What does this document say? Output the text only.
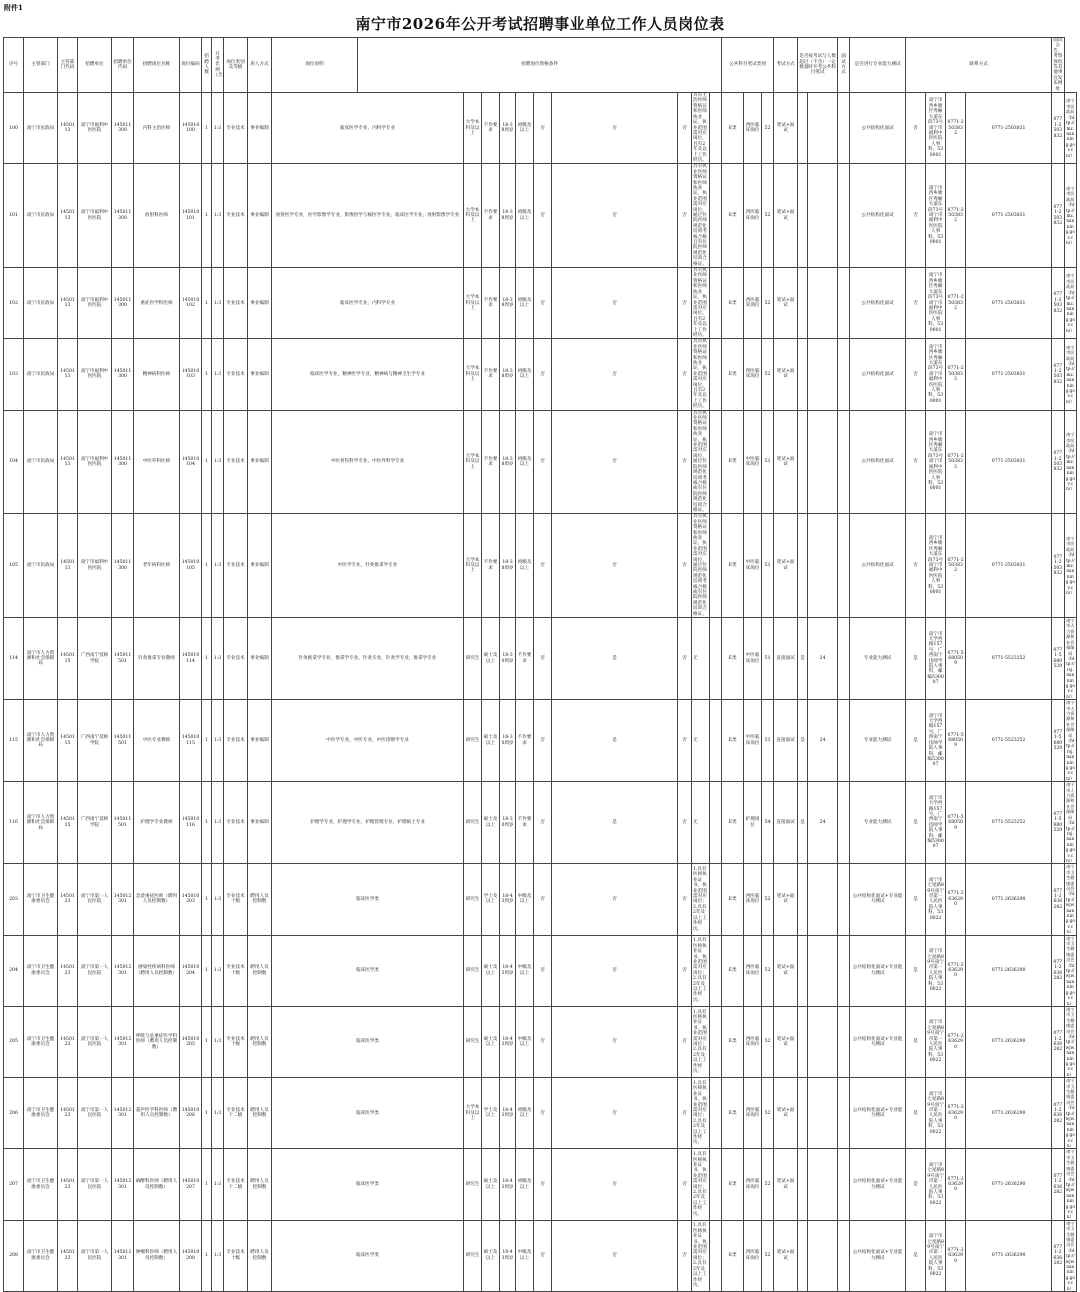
附件1
南宁市2026年公开考试招聘事业单位工作人员岗位表
序号	主管部门	主管部门代码	招聘单位	招聘单位代码	招聘岗位名称	岗位编码	招聘人数	开考比例（含）	岗位类别及等级	用人方式	岗位说明	招聘岗位资格条件										公共科目笔试类别			考试方式	是否按考试与人数超过（不含）一定数量时开考公共科目笔试		面试方式	是否进行专业能力测试	联系方式				面试公告、考察体检等其他事宜发布网址	
100	南宁市民政局	1450113	南宁市福利中医医院	145011300	内科主治医师	145010100	1	1:3	专业技术	事业编制	临床医学专业，内科学专业		大学本科及以上	不作要求	18-38周岁	初级及以上	否	否	否	具有主治医师资格证和医师执业证，执业范围需对应岗位，且有2年及以上工作经历。		E类	西医临床岗位	52	笔试+面试				公共结构化面试	否	南宁市西乡塘区秀厢大道东段73号南宁市福利中医医院人事科，530001	0771-2503832	0771-2503831	0771-2503832	南宁市民政局（http://mz.nanning.gov.cn/）
101	南宁市民政局	1450113	南宁市福利中医医院	145011300	放射科医师	145010101	1	1:3	专业技术	事业编制	放射医学专业，医学影像学专业，影像医学与核医学专业，临床医学专业，放射影像学专业		大学本科及以上	不作要求	18-38周岁	初级及以上	否	否	否	具有执业医师资格证和医师执业证，执业范围需对应岗位，通过住院医师规范化培训考核合格且有住院医师规范化培训合格证。		E类	西医临床岗位	52	笔试+面试				公共结构化面试	否	南宁市西乡塘区秀厢大道东段73号南宁市福利中医医院人事科，530001	0771-2503832	0771-2503831	0771-2503832	南宁市民政局（http://mz.nanning.gov.cn/）
102	南宁市民政局	1450113	南宁市福利中医医院	145011300	重症医学科医师	145010102	1	1:3	专业技术	事业编制	临床医学专业，内科学专业		大学本科及以上	不作要求	18-38周岁	初级及以上	否	否	否	具有执业医师资格证和医师执业证，执业范围需对应岗位，且有2年及以上工作经历。		E类	西医临床岗位	52	笔试+面试				公共结构化面试	否	南宁市西乡塘区秀厢大道东段73号南宁市福利中医医院人事科，530001	0771-2503832	0771-2503831	0771-2503832	南宁市民政局（http://mz.nanning.gov.cn/）
103	南宁市民政局	1450113	南宁市福利中医医院	145011300	精神病科医师	145010103	1	1:3	专业技术	事业编制	临床医学专业，精神医学专业，精神病与精神卫生学专业		大学本科及以上	不作要求	18-38周岁	初级及以上	否	否	否	具有执业医师资格证和医师执业证，执业范围需对应岗位，且有2年及以上工作经历。		E类	西医临床岗位	52	笔试+面试				公共结构化面试	否	南宁市西乡塘区秀厢大道东段73号南宁市福利中医医院人事科，530001	0771-2503832	0771-2503831	0771-2503832	南宁市民政局（http://mz.nanning.gov.cn/）
104	南宁市民政局	1450113	南宁市福利中医医院	145011300	中医外科医师	145010104	1	1:3	专业技术	事业编制	中医骨伤科学专业，中医外科学专业		大学本科及以上	不作要求	18-38周岁	初级及以上	否	否	否	具有执业医师资格证和医师执业证，执业范围需对应岗位，通过住院医师规范化培训考核合格或有住院医师规范化培训合格证。		E类	中医临床岗位	51	笔试+面试				公共结构化面试	否	南宁市西乡塘区秀厢大道东段73号南宁市福利中医医院人事科，530001	0771-2503832	0771-2503831	0771-2503832	南宁市民政局（http://mz.nanning.gov.cn/）
105	南宁市民政局	1450113	南宁市福利中医医院	145011300	老年病科医师	145010105	1	1:3	专业技术	事业编制	中医学专业，针灸推拿学专业		大学本科及以上	不作要求	18-38周岁	初级及以上	否	否	否	具有执业医师资格证和医师执业证，执业范围需对应岗位，通过住院医师规范化培训考核合格或有住院医师规范化培训合格证。		E类	中医临床岗位	51	笔试+面试				公共结构化面试	否	南宁市西乡塘区秀厢大道东段73号南宁市福利中医医院人事科，530001	0771-2503832	0771-2503831	0771-2503832	南宁市民政局（http://mz.nanning.gov.cn/）
114	南宁市人力资源和社会保障局	1450115	广西南宁技师学院	145011501	针灸推拿专业教师	145010114	1	1:3	专业技术	事业编制	针灸推拿学专业，推拿学专业，针灸专业，针灸学专业，推拿学专业		研究生	硕士及以上	18-30周岁	不作要求	否	是	否	无		E类	中医临床岗位	51	直接面试	是	24		专业能力测试	是	南宁市大学西路157号，广西南宁技师学院人事科，邮编530007	0771-5680509	0771-5523252	0771-5680529	南宁市人力资源和社会保障局（http://rsj.nanning.gov.cn/）
115	南宁市人力资源和社会保障局	1450115	广西南宁技师学院	145011501	中医专业教师	145010115	1	1:3	专业技术	事业编制	中医学专业，中医专业，中医诊断学专业		研究生	硕士及以上	18-30周岁	不作要求	否	是	否	无		E类	中医临床岗位	51	直接面试	是	24		专业能力测试	是	南宁市大学西路157号，广西南宁技师学院人事科，邮编530007	0771-5680509	0771-5523252	0771-5680529	南宁市人力资源和社会保障局（http://rsj.nanning.gov.cn/）
116	南宁市人力资源和社会保障局	1450115	广西南宁技师学院	145011501	护理学专业教师	145010116	1	1:3	专业技术	事业编制	护理学专业，护理学专业，护理管理专业，护理硕士专业		研究生	硕士及以上	18-30周岁	不作要求	否	是	否	无		E类	护理岗位	54	直接面试	是	24		专业能力测试	是	南宁市大学西路157号，广西南宁技师学院人事科，邮编530007	0771-5680509	0771-5523252	0771-5680529	南宁市人力资源和社会保障局（http://rsj.nanning.gov.cn/）
203	南宁市卫生健康委员会	1450123	南宁市第一人民医院	145012301	急诊重症医师（聘用人员控制数）	145010203	1	1:3	专业技术十级	聘用人员控制数	临床医学类		研究生	学士及以上	18-43周岁	中级及以上	否	否	否	1.具有医师执业证书，执业范围需对应岗位；2.具有2年及以上工作经历。		E类	西医临床岗位	52	笔试+面试				公共结构化面试+专业能力测试	是	南宁市七星路89号南宁市第一人民医院人事科，530022	0771-2636290	0771-2636290	0771-2636282	南宁市卫生健康委员会（http://wjw.nanning.gov.cn）
204	南宁市卫生健康委员会	1450123	南宁市第一人民医院	145012301	感染性疾病科医师（聘用人员控制数）	145010204	1	1:3	专业技术十级	聘用人员控制数	临床医学类		研究生	硕士及以上	18-43周岁	中级及以上	否	否	否	1.具有医师执业证书，执业范围需对应岗位；2.具有2年及以上工作经历。		E类	西医临床岗位	52	笔试+面试				公共结构化面试+专业能力测试	是	南宁市七星路89号南宁市第一人民医院人事科，530022	0771-2636290	0771-2636290	0771-2636282	南宁市卫生健康委员会（http://wjw.nanning.gov.cn）
205	南宁市卫生健康委员会	1450123	南宁市第一人民医院	145012301	呼吸与危重症医学科医师（聘用人员控制数）	145010205	1	1:3	专业技术十级	聘用人员控制数	临床医学类		研究生	硕士及以上	18-43周岁	中级及以上	否	否	否	1.具有医师执业证书，执业范围需对应岗位；2.具有2年及以上工作经历。		E类	西医临床岗位	52	笔试+面试				公共结构化面试+专业能力测试	是	南宁市七星路89号南宁市第一人民医院人事科，530022	0771-2636290	0771-2636290	0771-2636282	南宁市卫生健康委员会（http://wjw.nanning.gov.cn）
206	南宁市卫生健康委员会	1450123	南宁市第一人民医院	145012301	超声医学科医师（聘用人员控制数）	145010206	1	1:3	专业技术十二级	聘用人员控制数	临床医学类		大学本科及以上	学士及以上	18-43周岁	初级及以上	否	否	否	1.具有医师执业证书，执业范围需对应岗位；2.具有2年及以上工作经历。		E类	西医临床岗位	52	笔试+面试				公共结构化面试+专业能力测试	是	南宁市七星路89号南宁市第一人民医院人事科，530022	0771-2636290	0771-2636290	0771-2636282	南宁市卫生健康委员会（http://wjw.nanning.gov.cn）
207	南宁市卫生健康委员会	1450123	南宁市第一人民医院	145012301	麻醉科医师（聘用人员控制数）	145010207	1	1:3	专业技术十二级	聘用人员控制数	临床医学类		研究生	硕士及以上	18-43周岁	初级及以上	否	否	否	1.具有医师执业证书，执业范围需对应岗位；2.具有2年及以上工作经历。		E类	西医临床岗位	52	笔试+面试				公共结构化面试+专业能力测试	是	南宁市七星路89号南宁市第一人民医院人事科，530022	0771-2636290	0771-2636290	0771-2636282	南宁市卫生健康委员会（http://wjw.nanning.gov.cn）
208	南宁市卫生健康委员会	1450123	南宁市第一人民医院	145012301	肿瘤科医师（聘用人员控制数）	145010208	1	1:3	专业技术十级	聘用人员控制数	临床医学类		研究生	硕士及以上	18-43周岁	中级及以上	否	否	否	1.具有医师执业证书，执业范围需对应岗位；2.具有2年及以上工作经历。		E类	西医临床岗位	52	笔试+面试				公共结构化面试+专业能力测试	是	南宁市七星路89号南宁市第一人民医院人事科，530022	0771-2636290	0771-2636290	0771-2636282	南宁市卫生健康委员会（http://wjw.nanning.gov.cn）
